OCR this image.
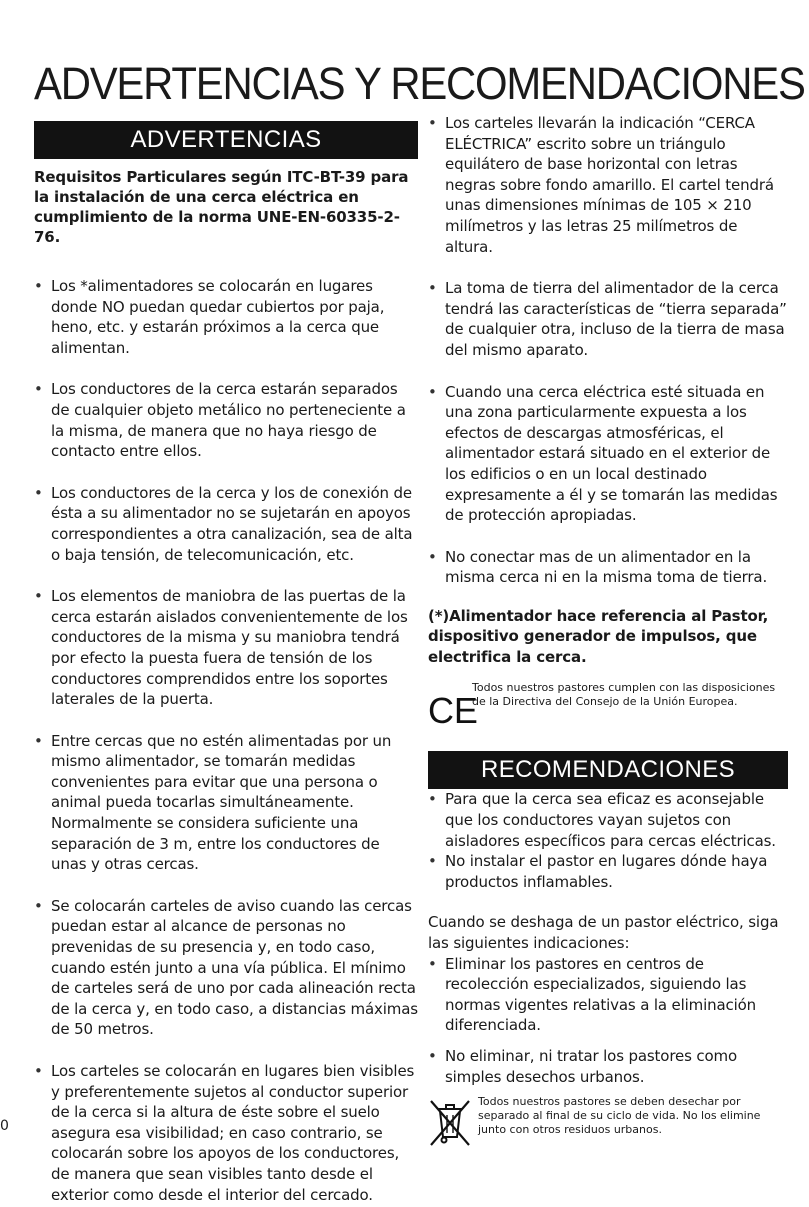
ADVERTENCIAS Y RECOMENDACIONES
ADVERTENCIAS
Requisitos Particulares según ITC-BT-39 para la instalación de una cerca eléctrica en cumplimiento de la norma UNE-EN-60335-2-76.
• Los *alimentadores se colocarán en lugares donde NO puedan quedar cubiertos por paja, heno, etc. y estarán próximos a la cerca que alimentan.
• Los conductores de la cerca estarán separados de cualquier objeto metálico no perteneciente a la misma, de manera que no haya riesgo de contacto entre ellos.
• Los conductores de la cerca y los de conexión de ésta a su alimentador no se sujetarán en apoyos correspondientes a otra canalización, sea de alta o baja tensión, de telecomunicación, etc.
• Los elementos de maniobra de las puertas de la cerca estarán aislados convenientemente de los conductores de la misma y su maniobra tendrá por efecto la puesta fuera de tensión de los conductores comprendidos entre los soportes laterales de la puerta.
• Entre cercas que no estén alimentadas por un mismo alimentador, se tomarán medidas convenientes para evitar que una persona o animal pueda tocarlas simultáneamente. Normalmente se considera suficiente una separación de 3 m, entre los conductores de unas y otras cercas.
• Se colocarán carteles de aviso cuando las cercas puedan estar al alcance de personas no prevenidas de su presencia y, en todo caso, cuando estén junto a una vía pública. El mínimo de carteles será de uno por cada alineación recta de la cerca y, en todo caso, a distancias máximas de 50 metros.
• Los carteles se colocarán en lugares bien visibles y preferentemente sujetos al conductor superior de la cerca si la altura de éste sobre el suelo asegura esa visibilidad; en caso contrario, se colocarán sobre los apoyos de los conductores, de manera que sean visibles tanto desde el exterior como desde el interior del cercado.
• Los carteles llevarán la indicación “CERCA ELÉCTRICA” escrito sobre un triángulo equilátero de base horizontal con letras negras sobre fondo amarillo. El cartel tendrá unas dimensiones mínimas de 105 × 210 milímetros y las letras 25 milímetros de altura.
• La toma de tierra del alimentador de la cerca tendrá las características de “tierra separada” de cualquier otra, incluso de la tierra de masa del mismo aparato.
• Cuando una cerca eléctrica esté situada en una zona particularmente expuesta a los efectos de descargas atmosféricas, el alimentador estará situado en el exterior de los edificios o en un local destinado expresamente a él y se tomarán las medidas de protección apropiadas.
• No conectar mas de un alimentador en la misma cerca ni en la misma toma de tierra.
(*)Alimentador hace referencia al Pastor, dispositivo generador de impulsos, que electrifica la cerca.
CE
Todos nuestros pastores cumplen con las disposiciones de la Directiva del Consejo de la Unión Europea.
RECOMENDACIONES
• Para que la cerca sea eficaz es aconsejable que los conductores vayan sujetos con aisladores específicos para cercas eléctricas.
• No instalar el pastor en lugares dónde haya productos inflamables.
Cuando se deshaga de un pastor eléctrico, siga las siguientes indicaciones:
• Eliminar los pastores en centros de recolección especializados, siguiendo las normas vigentes relativas a la eliminación diferenciada.
• No eliminar, ni tratar los pastores como simples desechos urbanos.
Todos nuestros pastores se deben desechar por separado al final de su ciclo de vida. No los elimine junto con otros residuos urbanos.
0
